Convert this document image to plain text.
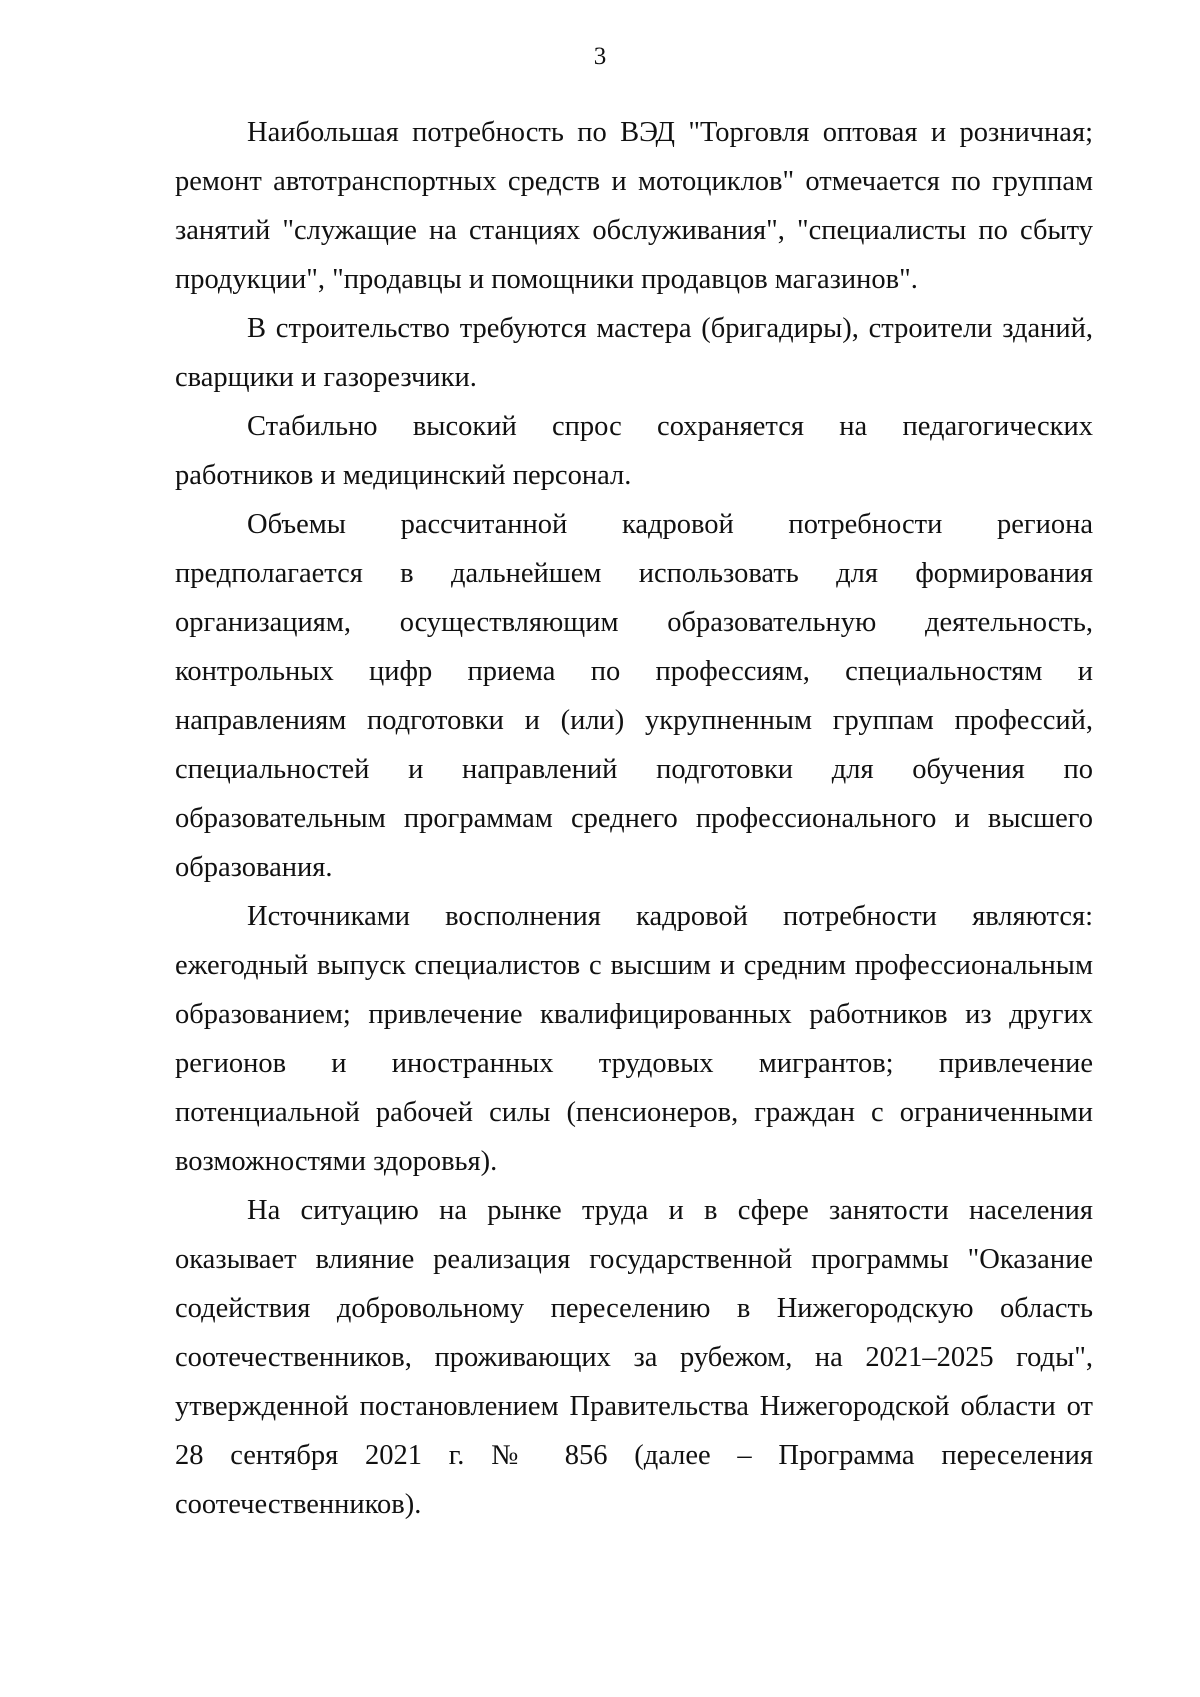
3

Наибольшая потребность по ВЭД "Торговля оптовая и розничная; ремонт автотранспортных средств и мотоциклов" отмечается по группам занятий "служащие на станциях обслуживания", "специалисты по сбыту продукции", "продавцы и помощники продавцов магазинов".

В строительство требуются мастера (бригадиры), строители зданий, сварщики и газорезчики.

Стабильно высокий спрос сохраняется на педагогических работников и медицинский персонал.

Объемы рассчитанной кадровой потребности региона предполагается в дальнейшем использовать для формирования организациям, осуществляющим образовательную деятельность, контрольных цифр приема по профессиям, специальностям и направлениям подготовки и (или) укрупненным группам профессий, специальностей и направлений подготовки для обучения по образовательным программам среднего профессионального и высшего образования.

Источниками восполнения кадровой потребности являются: ежегодный выпуск специалистов с высшим и средним профессиональным образованием; привлечение квалифицированных работников из других регионов и иностранных трудовых мигрантов; привлечение потенциальной рабочей силы (пенсионеров, граждан с ограниченными возможностями здоровья).

На ситуацию на рынке труда и в сфере занятости населения оказывает влияние реализация государственной программы "Оказание содействия добровольному переселению в Нижегородскую область соотечественников, проживающих за рубежом, на 2021–2025 годы", утвержденной постановлением Правительства Нижегородской области от 28 сентября 2021 г. № 856 (далее – Программа переселения соотечественников).
